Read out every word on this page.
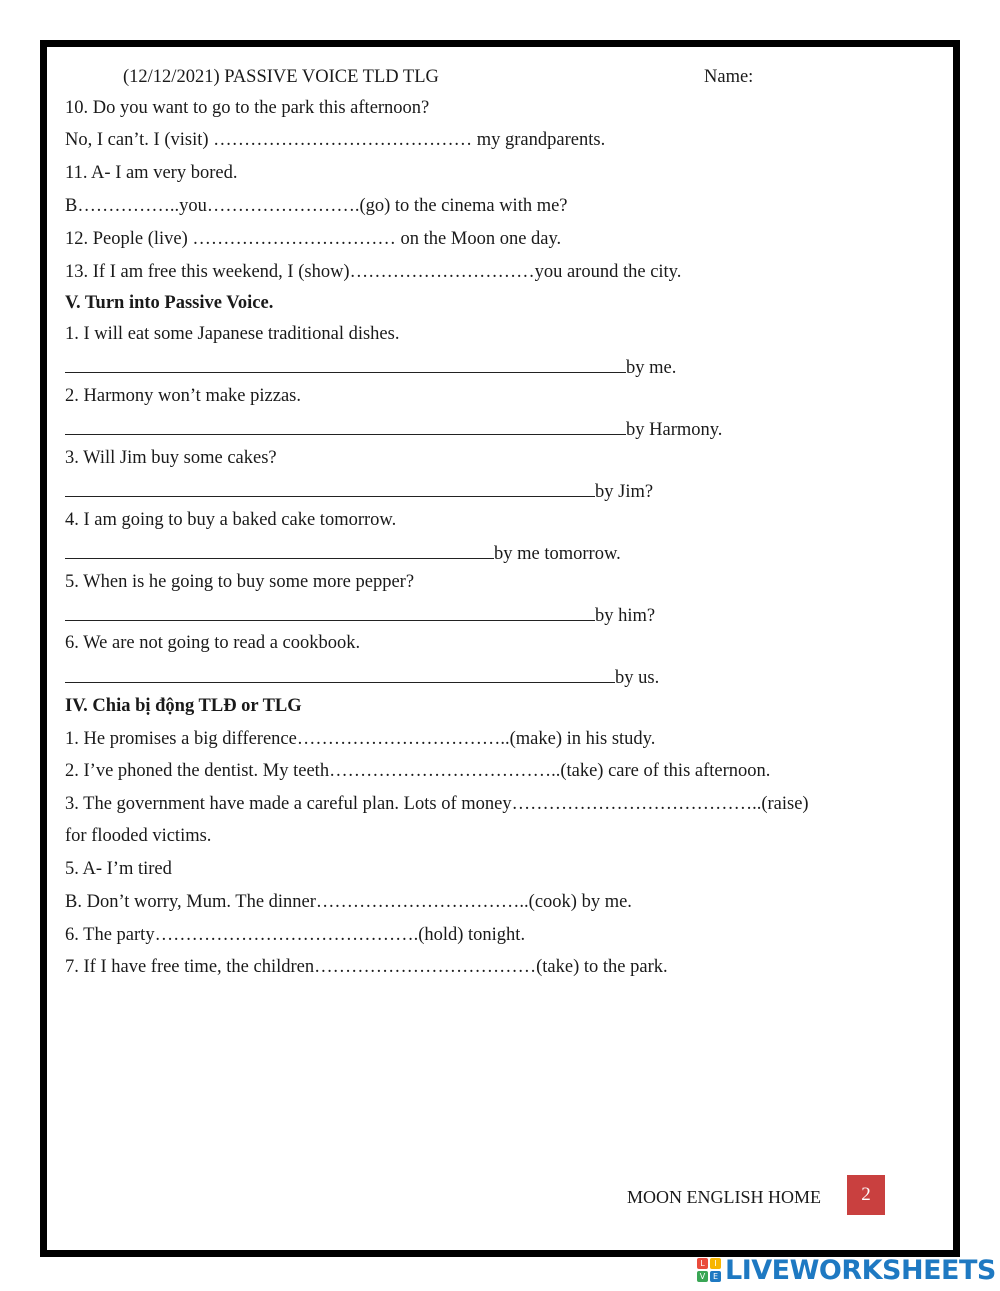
(12/12/2021) PASSIVE VOICE TLD TLG	Name:
10. Do you want to go to the park this afternoon?
No, I can’t. I (visit) …………………………………… my grandparents.
11. A- I am very bored.
B……………..you…………………….(go) to the cinema with me?
12. People (live) …………………………… on the Moon one day.
13. If I am free this weekend, I (show)…………………………you around the city.
V. Turn into Passive Voice.
1. I will eat some Japanese traditional dishes.
by me.
2. Harmony won’t make pizzas.
by Harmony.
3. Will Jim buy some cakes?
by Jim?
4. I am going to buy a baked cake tomorrow.
by me tomorrow.
5. When is he going to buy some more pepper?
by him?
6. We are not going to read a cookbook.
by us.
IV. Chia bị động TLĐ or TLG
1. He promises a big difference……………………………..(make) in his study.
2. I’ve phoned the dentist. My teeth………………………………..(take) care of this afternoon.
3. The government have made a careful plan. Lots of money…………………………………..(raise)
for flooded victims.
5. A- I’m tired
B. Don’t worry, Mum. The dinner……………………………..(cook) by me.
6. The party…………………………………….(hold) tonight.
7. If I have free time, the children………………………………(take) to the park.
MOON ENGLISH HOME	2
L	I
V E LIVEWORKSHEETS
